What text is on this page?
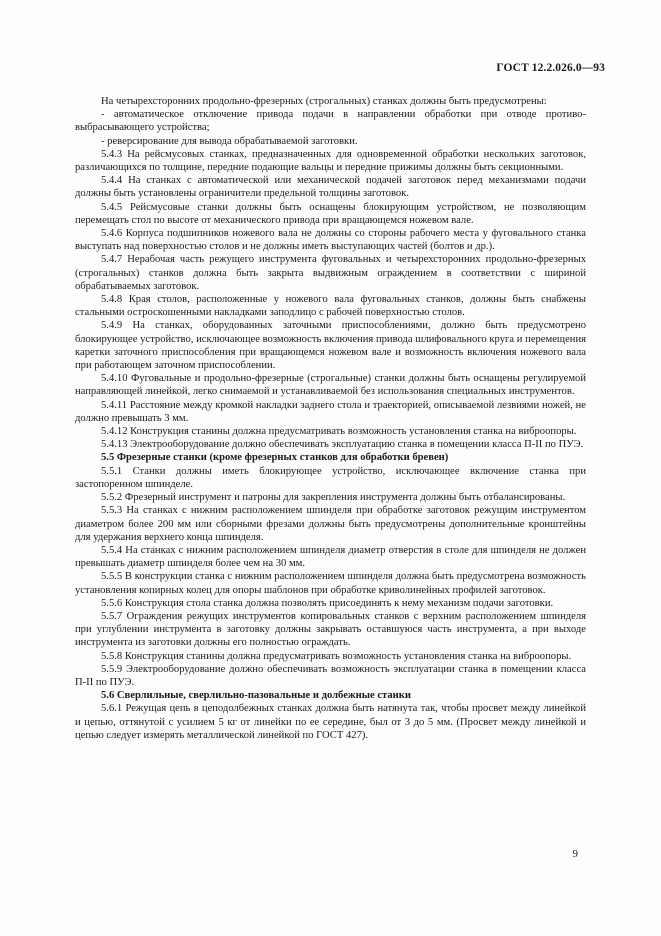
ГОСТ 12.2.026.0—93

На четырехсторонних продольно-фрезерных (строгальных) станках должны быть предусмотрены:

- автоматическое отключение привода подачи в направлении обработки при отводе противо-выбрасывающего устройства;

- реверсирование для вывода обрабатываемой заготовки.

5.4.3 На рейсмусовых станках, предназначенных для одновременной обработки нескольких заготовок, различающихся по толщине, передние подающие вальцы и передние прижимы должны быть секционными.

5.4.4 На станках с автоматической или механической подачей заготовок перед механизмами подачи должны быть установлены ограничители предельной толщины заготовок.

5.4.5 Рейсмусовые станки должны быть оснащены блокирующим устройством, не позволяющим перемещать стол по высоте от механического привода при вращающемся ножевом вале.

5.4.6 Корпуса подшипников ножевого вала не должны со стороны рабочего места у фуговального станка выступать над поверхностью столов и не должны иметь выступающих частей (болтов и др.).

5.4.7 Нерабочая часть режущего инструмента фуговальных и четырехсторонних продольно-фрезерных (строгальных) станков должна быть закрыта выдвижным ограждением в соответствии с шириной обрабатываемых заготовок.

5.4.8 Края столов, расположенные у ножевого вала фуговальных станков, должны быть снабжены стальными остроскошенными накладками заподлицо с рабочей поверхностью столов.

5.4.9 На станках, оборудованных заточными приспособлениями, должно быть предусмотрено блокирующее устройство, исключающее возможность включения привода шлифовального круга и перемещения каретки заточного приспособления при вращающемся ножевом вале и возможность включения ножевого вала при работающем заточном приспособлении.

5.4.10 Фуговальные и продольно-фрезерные (строгальные) станки должны быть оснащены регулируемой направляющей линейкой, легко снимаемой и устанавливаемой без использования специальных инструментов.

5.4.11 Расстояние между кромкой накладки заднего стола и траекторией, описываемой лезвиями ножей, не должно превышать 3 мм.

5.4.12 Конструкция станины должна предусматривать возможность установления станка на виброопоры.

5.4.13 Электрооборудование должно обеспечивать эксплуатацию станка в помещении класса П-II по ПУЭ.

5.5 Фрезерные станки (кроме фрезерных станков для обработки бревен)

5.5.1 Станки должны иметь блокирующее устройство, исключающее включение станка при застопоренном шпинделе.

5.5.2 Фрезерный инструмент и патроны для закрепления инструмента должны быть отбалансированы.

5.5.3 На станках с нижним расположением шпинделя при обработке заготовок режущим инструментом диаметром более 200 мм или сборными фрезами должны быть предусмотрены дополнительные кронштейны для удержания верхнего конца шпинделя.

5.5.4 На станках с нижним расположением шпинделя диаметр отверстия в столе для шпинделя не должен превышать диаметр шпинделя более чем на 30 мм.

5.5.5 В конструкции станка с нижним расположением шпинделя должна быть предусмотрена возможность установления копирных колец для опоры шаблонов при обработке криволинейных профилей заготовок.

5.5.6 Конструкция стола станка должна позволять присоединять к нему механизм подачи заготовки.

5.5.7 Ограждения режущих инструментов копировальных станков с верхним расположением шпинделя при углублении инструмента в заготовку должны закрывать оставшуюся часть инструмента, а при выходе инструмента из заготовки должны его полностью ограждать.

5.5.8 Конструкция станины должна предусматривать возможность установления станка на виброопоры.

5.5.9 Электрооборудование должно обеспечивать возможность эксплуатации станка в помещении класса П-II по ПУЭ.

5.6 Сверлильные, сверлильно-пазовальные и долбежные станки

5.6.1 Режущая цепь в цеподолбежных станках должна быть натянута так, чтобы просвет между линейкой и цепью, оттянутой с усилием 5 кг от линейки по ее середине, был от 3 до 5 мм. (Просвет между линейкой и цепью следует измерять металлической линейкой по ГОСТ 427).

9
